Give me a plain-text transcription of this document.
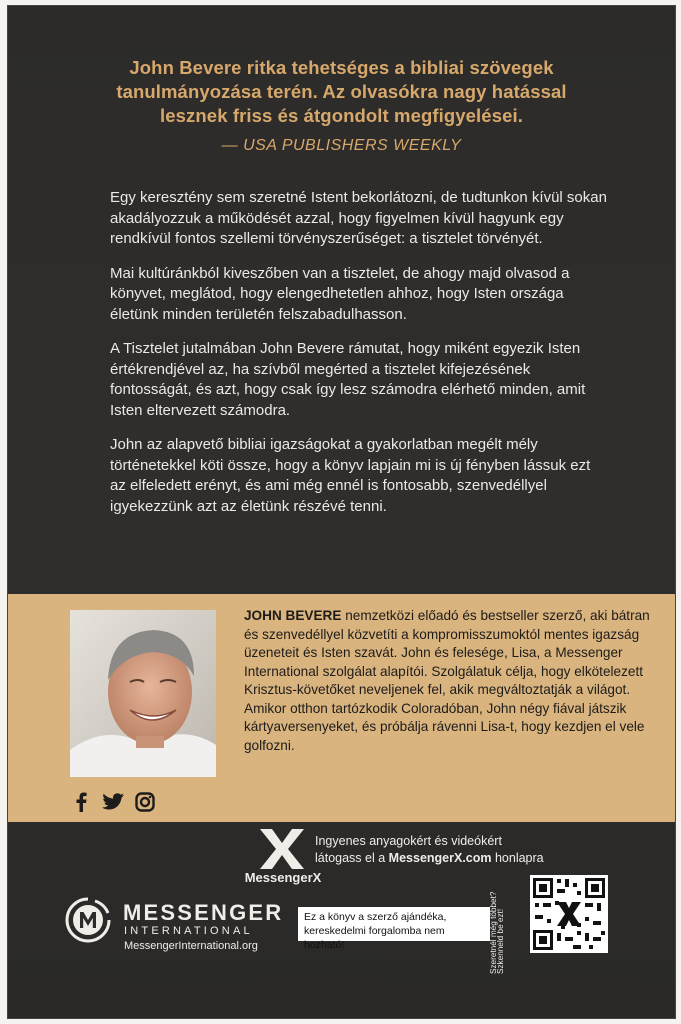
John Bevere ritka tehetséges a bibliai szövegek
tanulmányozása terén. Az olvasókra nagy hatással
lesznek friss és átgondolt megfigyelései.
— USA PUBLISHERS WEEKLY

Egy keresztény sem szeretné Istent bekorlátozni, de tudtunkon kívül sokan akadályozzuk a működését azzal, hogy figyelmen kívül hagyunk egy rendkívül fontos szellemi törvényszerűséget: a tisztelet törvényét.

Mai kultúránkból kiveszőben van a tisztelet, de ahogy majd olvasod a könyvet, meglátod, hogy elengedhetetlen ahhoz, hogy Isten országa életünk minden területén felszabadulhasson.

A Tisztelet jutalmában John Bevere rámutat, hogy miként egyezik Isten értékrendjével az, ha szívből megérted a tisztelet kifejezésének fontosságát, és azt, hogy csak így lesz számodra elérhető minden, amit Isten eltervezett számodra.

John az alapvető bibliai igazságokat a gyakorlatban megélt mély történetekkel köti össze, hogy a könyv lapjain mi is új fényben lássuk ezt az elfeledett erényt, és ami még ennél is fontosabb, szenvedéllyel igyekezzünk azt az életünk részévé tenni.

JOHN BEVERE nemzetközi előadó és bestseller szerző, aki bátran és szenvedéllyel közvetíti a kompromisszumoktól mentes igazság üzeneteit és Isten szavát. John és felesége, Lisa, a Messenger International szolgálat alapítói. Szolgálatuk célja, hogy elkötelezett Krisztus-követőket neveljenek fel, akik megváltoztatják a világot. Amikor otthon tartózkodik Coloradóban, John négy fiával játszik kártyaversenyeket, és próbálja rávenni Lisa-t, hogy kezdjen el vele golfozni.
MessengerX
Ingyenes anyagokért és videókért
látogass el a MessengerX.com honlapra
MESSENGER
INTERNATIONAL
MessengerInternational.org
Ez a könyv a szerző ajándéka,
kereskedelmi forgalomba nem hozható!	Szeretnél még többet?
Szkenneld be ezt!
